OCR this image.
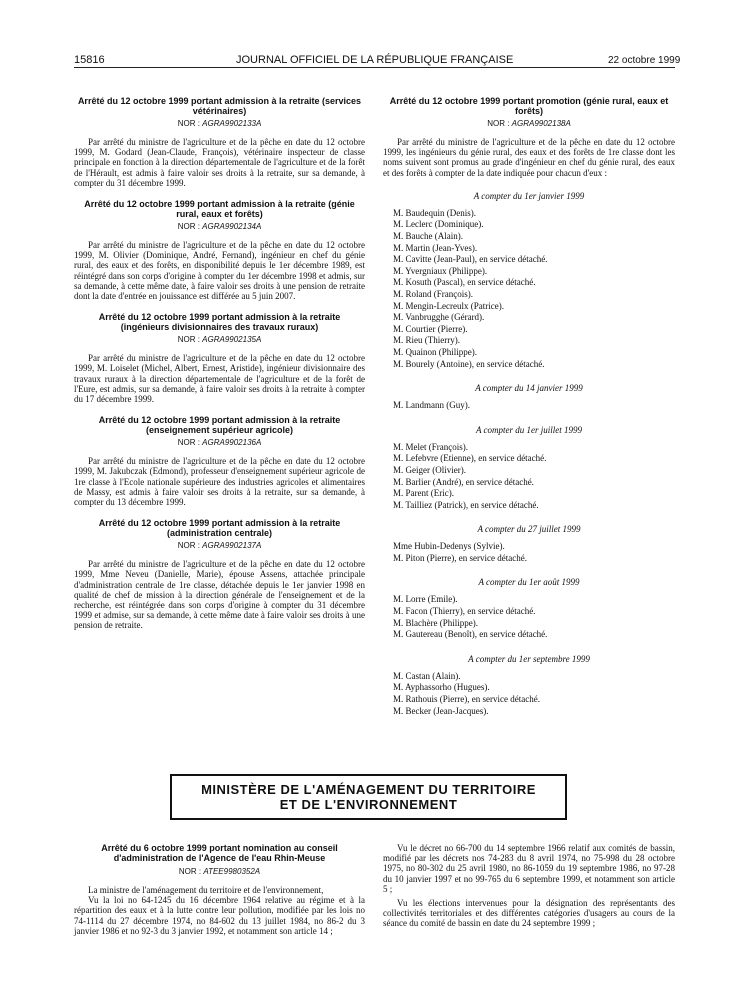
15816	JOURNAL OFFICIEL DE LA RÉPUBLIQUE FRANÇAISE	22 octobre 1999
Arrêté du 12 octobre 1999 portant admission à la retraite (services vétérinaires)
NOR : AGRA9902133A

Par arrêté du ministre de l'agriculture et de la pêche en date du 12 octobre 1999, M. Godard (Jean-Claude, François), vétérinaire inspecteur de classe principale en fonction à la direction départementale de l'agriculture et de la forêt de l'Hérault, est admis à faire valoir ses droits à la retraite, sur sa demande, à compter du 31 décembre 1999.

Arrêté du 12 octobre 1999 portant admission à la retraite (génie rural, eaux et forêts)
NOR : AGRA9902134A

Par arrêté du ministre de l'agriculture et de la pêche en date du 12 octobre 1999, M. Olivier (Dominique, André, Fernand), ingénieur en chef du génie rural, des eaux et des forêts, en disponibilité depuis le 1er décembre 1989, est réintégré dans son corps d'origine à compter du 1er décembre 1998 et admis, sur sa demande, à cette même date, à faire valoir ses droits à une pension de retraite dont la date d'entrée en jouissance est différée au 5 juin 2007.

Arrêté du 12 octobre 1999 portant admission à la retraite (ingénieurs divisionnaires des travaux ruraux)
NOR : AGRA9902135A

Par arrêté du ministre de l'agriculture et de la pêche en date du 12 octobre 1999, M. Loiselet (Michel, Albert, Ernest, Aristide), ingénieur divisionnaire des travaux ruraux à la direction départementale de l'agriculture et de la forêt de l'Eure, est admis, sur sa demande, à faire valoir ses droits à la retraite à compter du 17 décembre 1999.

Arrêté du 12 octobre 1999 portant admission à la retraite (enseignement supérieur agricole)
NOR : AGRA9902136A

Par arrêté du ministre de l'agriculture et de la pêche en date du 12 octobre 1999, M. Jakubczak (Edmond), professeur d'enseignement supérieur agricole de 1re classe à l'Ecole nationale supérieure des industries agricoles et alimentaires de Massy, est admis à faire valoir ses droits à la retraite, sur sa demande, à compter du 13 décembre 1999.

Arrêté du 12 octobre 1999 portant admission à la retraite (administration centrale)
NOR : AGRA9902137A

Par arrêté du ministre de l'agriculture et de la pêche en date du 12 octobre 1999, Mme Neveu (Danielle, Marie), épouse Assens, attachée principale d'administration centrale de 1re classe, détachée depuis le 1er janvier 1998 en qualité de chef de mission à la direction générale de l'enseignement et de la recherche, est réintégrée dans son corps d'origine à compter du 31 décembre 1999 et admise, sur sa demande, à cette même date à faire valoir ses droits à une pension de retraite.

Arrêté du 12 octobre 1999 portant promotion (génie rural, eaux et forêts)
NOR : AGRA9902138A

Par arrêté du ministre de l'agriculture et de la pêche en date du 12 octobre 1999, les ingénieurs du génie rural, des eaux et des forêts de 1re classe dont les noms suivent sont promus au grade d'ingénieur en chef du génie rural, des eaux et des forêts à compter de la date indiquée pour chacun d'eux :

A compter du 1er janvier 1999
M. Baudequin (Denis).
M. Leclerc (Dominique).
M. Bauche (Alain).
M. Martin (Jean-Yves).
M. Cavitte (Jean-Paul), en service détaché.
M. Yvergniaux (Philippe).
M. Kosuth (Pascal), en service détaché.
M. Roland (François).
M. Mengin-Lecreulx (Patrice).
M. Vanbrugghe (Gérard).
M. Courtier (Pierre).
M. Rieu (Thierry).
M. Quainon (Philippe).
M. Bourely (Antoine), en service détaché.
A compter du 14 janvier 1999
M. Landmann (Guy).
A compter du 1er juillet 1999
M. Melet (François).
M. Lefebvre (Etienne), en service détaché.
M. Geiger (Olivier).
M. Barlier (André), en service détaché.
M. Parent (Eric).
M. Tailliez (Patrick), en service détaché.
A compter du 27 juillet 1999
Mme Hubin-Dedenys (Sylvie).
M. Piton (Pierre), en service détaché.
A compter du 1er août 1999
M. Lorre (Emile).
M. Facon (Thierry), en service détaché.
M. Blachère (Philippe).
M. Gautereau (Benoît), en service détaché.
A compter du 1er septembre 1999
M. Castan (Alain).
M. Ayphassorho (Hugues).
M. Rathouis (Pierre), en service détaché.
M. Becker (Jean-Jacques).
MINISTÈRE DE L'AMÉNAGEMENT DU TERRITOIRE
ET DE L'ENVIRONNEMENT
Arrêté du 6 octobre 1999 portant nomination au conseil d'administration de l'Agence de l'eau Rhin-Meuse
NOR : ATEE9980352A

La ministre de l'aménagement du territoire et de l'environnement,

Vu la loi no 64-1245 du 16 décembre 1964 relative au régime et à la répartition des eaux et à la lutte contre leur pollution, modifiée par les lois no 74-1114 du 27 décembre 1974, no 84-602 du 13 juillet 1984, no 86-2 du 3 janvier 1986 et no 92-3 du 3 janvier 1992, et notamment son article 14 ;

Vu le décret no 66-700 du 14 septembre 1966 relatif aux comités de bassin, modifié par les décrets nos 74-283 du 8 avril 1974, no 75-998 du 28 octobre 1975, no 80-302 du 25 avril 1980, no 86-1059 du 19 septembre 1986, no 97-28 du 10 janvier 1997 et no 99-765 du 6 septembre 1999, et notamment son article 5 ;

Vu les élections intervenues pour la désignation des représentants des collectivités territoriales et des différentes catégories d'usagers au cours de la séance du comité de bassin en date du 24 septembre 1999 ;
